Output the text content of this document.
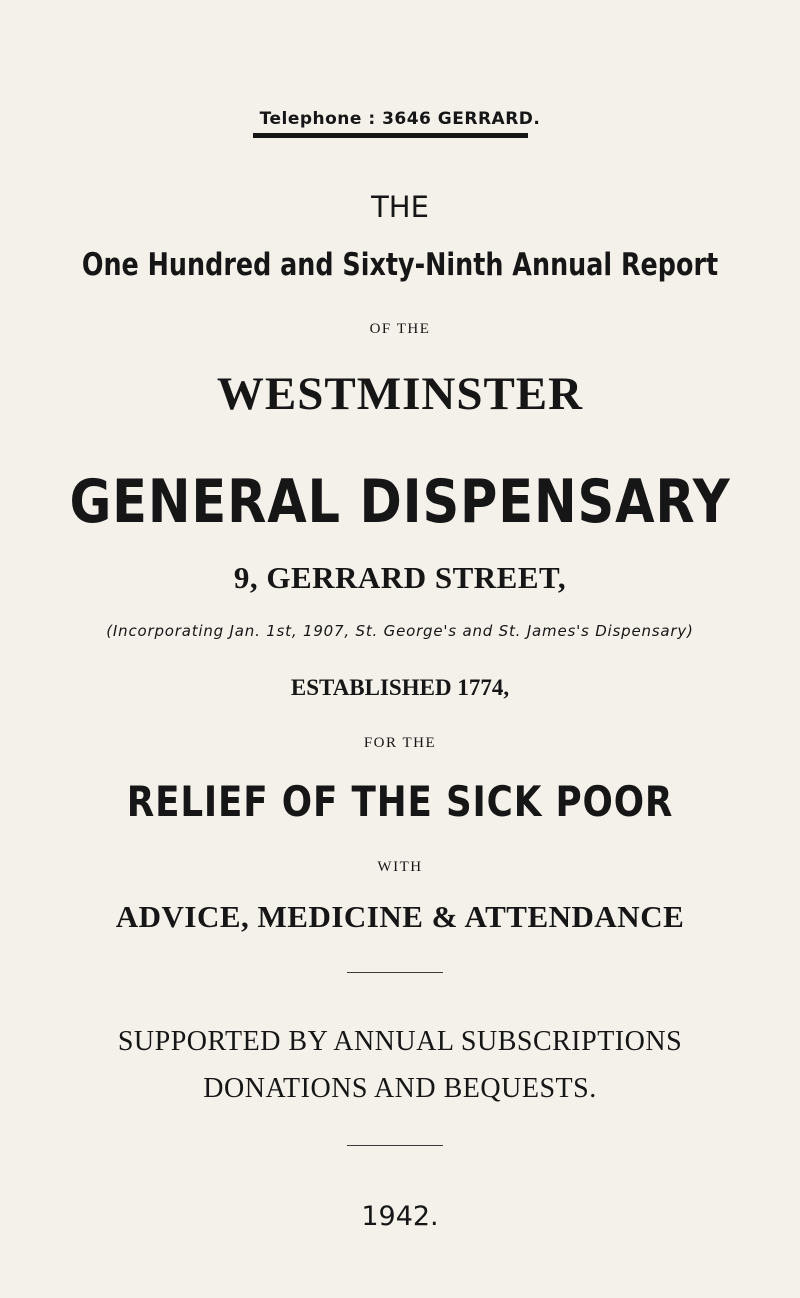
Telephone : 3646 GERRARD.
THE
One Hundred and Sixty-Ninth Annual Report
OF THE
WESTMINSTER
GENERAL DISPENSARY
9, GERRARD STREET,
(Incorporating Jan. 1st, 1907, St. George's and St. James's Dispensary)
ESTABLISHED 1774,
FOR THE
RELIEF OF THE SICK POOR
WITH
ADVICE, MEDICINE & ATTENDANCE
SUPPORTED BY ANNUAL SUBSCRIPTIONS
DONATIONS AND BEQUESTS.
1942.
